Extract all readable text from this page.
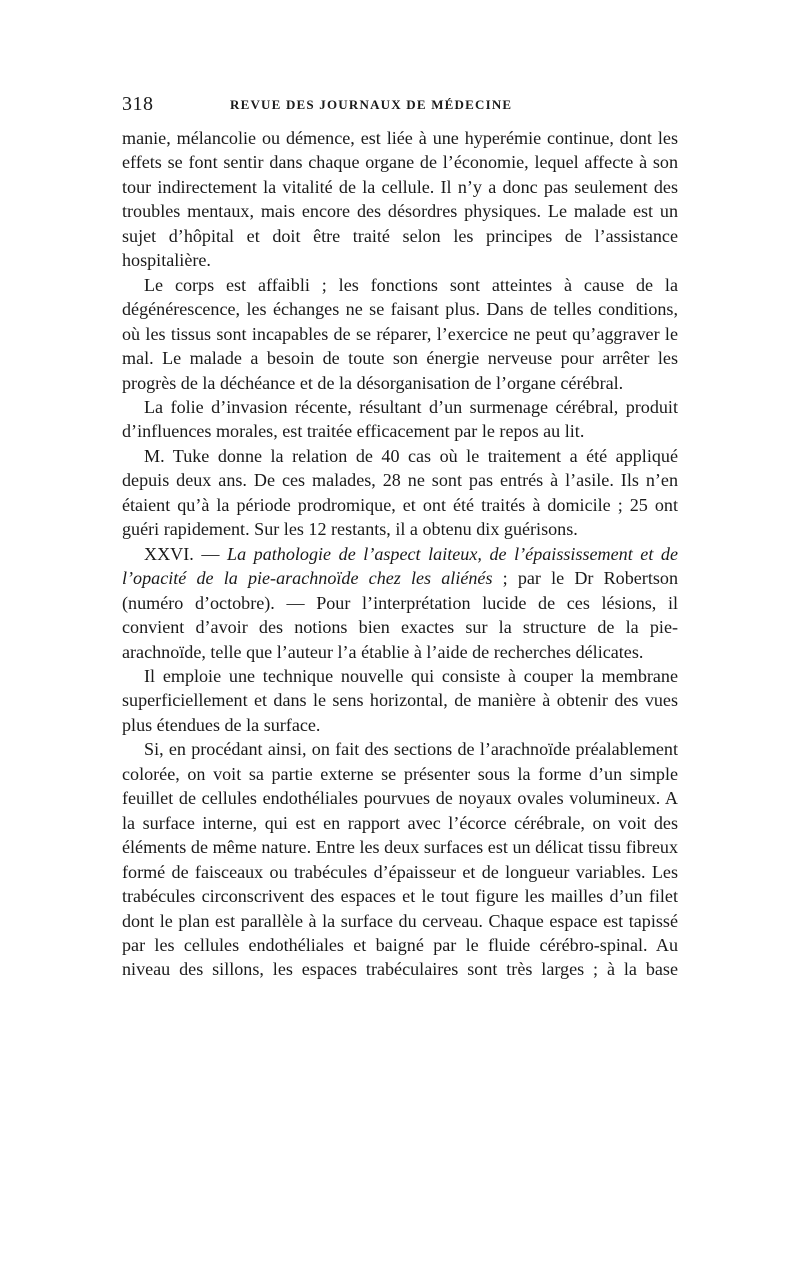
318	REVUE DES JOURNAUX DE MÉDECINE

manie, mélancolie ou démence, est liée à une hyperémie continue, dont les effets se font sentir dans chaque organe de l’économie, lequel affecte à son tour indirectement la vitalité de la cellule. Il n’y a donc pas seulement des troubles mentaux, mais encore des désordres physiques. Le malade est un sujet d’hôpital et doit être traité selon les principes de l’assistance hospitalière.

Le corps est affaibli ; les fonctions sont atteintes à cause de la dégénérescence, les échanges ne se faisant plus. Dans de telles conditions, où les tissus sont incapables de se réparer, l’exercice ne peut qu’aggraver le mal. Le malade a besoin de toute son énergie nerveuse pour arrêter les progrès de la déchéance et de la désorganisation de l’organe cérébral.

La folie d’invasion récente, résultant d’un surmenage cérébral, produit d’influences morales, est traitée efficacement par le repos au lit.

M. Tuke donne la relation de 40 cas où le traitement a été appliqué depuis deux ans. De ces malades, 28 ne sont pas entrés à l’asile. Ils n’en étaient qu’à la période prodromique, et ont été traités à domicile ; 25 ont guéri rapidement. Sur les 12 restants, il a obtenu dix guérisons.

XXVI. — La pathologie de l’aspect laiteux, de l’épaississement et de l’opacité de la pie-arachnoïde chez les aliénés ; par le Dr Robertson (numéro d’octobre). — Pour l’interprétation lucide de ces lésions, il convient d’avoir des notions bien exactes sur la structure de la pie-arachnoïde, telle que l’auteur l’a établie à l’aide de recherches délicates.

Il emploie une technique nouvelle qui consiste à couper la membrane superficiellement et dans le sens horizontal, de manière à obtenir des vues plus étendues de la surface.

Si, en procédant ainsi, on fait des sections de l’arachnoïde préalablement colorée, on voit sa partie externe se présenter sous la forme d’un simple feuillet de cellules endothéliales pourvues de noyaux ovales volumineux. A la surface interne, qui est en rapport avec l’écorce cérébrale, on voit des éléments de même nature. Entre les deux surfaces est un délicat tissu fibreux formé de faisceaux ou trabécules d’épaisseur et de longueur variables. Les trabécules circonscrivent des espaces et le tout figure les mailles d’un filet dont le plan est parallèle à la surface du cerveau. Chaque espace est tapissé par les cellules endothéliales et baigné par le fluide cérébro-spinal. Au niveau des sillons, les espaces trabéculaires sont très larges ; à la base
